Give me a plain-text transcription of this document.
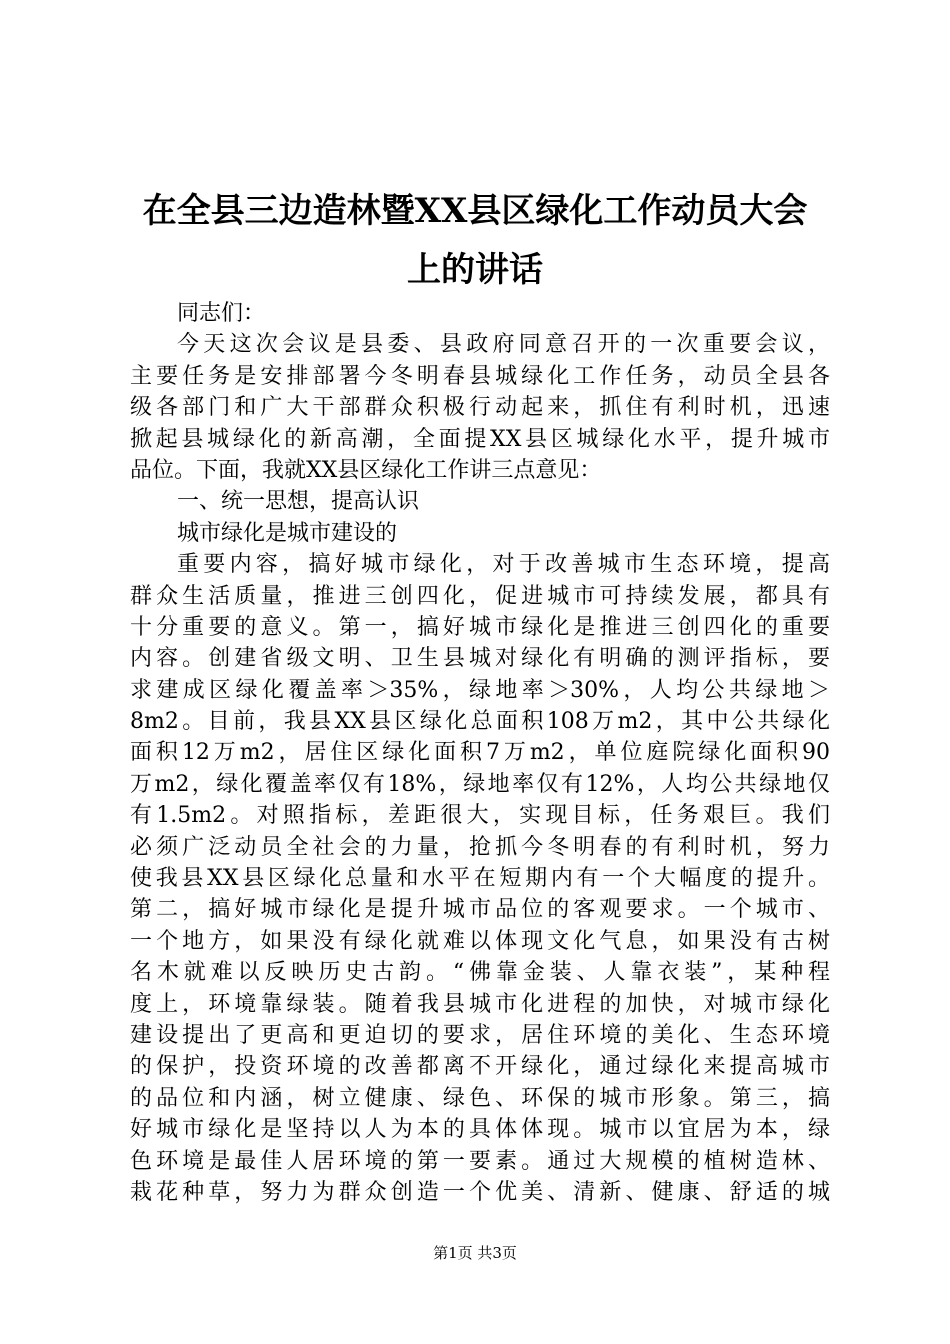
在全县三边造林暨XX县区绿化工作动员大会
上的讲话
同志们：
今天这次会议是县委、县政府同意召开的一次重要会议，
主要任务是安排部署今冬明春县城绿化工作任务，动员全县各
级各部门和广大干部群众积极行动起来，抓住有利时机，迅速
掀起县城绿化的新高潮，全面提XX县区城绿化水平，提升城市
品位。下面，我就XX县区绿化工作讲三点意见：
一、统一思想，提高认识
城市绿化是城市建设的
重要内容，搞好城市绿化，对于改善城市生态环境，提高
群众生活质量，推进三创四化，促进城市可持续发展，都具有
十分重要的意义。第一，搞好城市绿化是推进三创四化的重要
内容。创建省级文明、卫生县城对绿化有明确的测评指标，要
求建成区绿化覆盖率＞35%，绿地率＞30%，人均公共绿地＞
8m2。目前，我县XX县区绿化总面积108万m2，其中公共绿化
面积12万m2，居住区绿化面积7万m2，单位庭院绿化面积90
万m2，绿化覆盖率仅有18%，绿地率仅有12%，人均公共绿地仅
有1.5m2。对照指标，差距很大，实现目标，任务艰巨。我们
必须广泛动员全社会的力量，抢抓今冬明春的有利时机，努力
使我县XX县区绿化总量和水平在短期内有一个大幅度的提升。
第二，搞好城市绿化是提升城市品位的客观要求。一个城市、
一个地方，如果没有绿化就难以体现文化气息，如果没有古树
名木就难以反映历史古韵。“佛靠金装、人靠衣装”，某种程
度上，环境靠绿装。随着我县城市化进程的加快，对城市绿化
建设提出了更高和更迫切的要求，居住环境的美化、生态环境
的保护，投资环境的改善都离不开绿化，通过绿化来提高城市
的品位和内涵，树立健康、绿色、环保的城市形象。第三，搞
好城市绿化是坚持以人为本的具体体现。城市以宜居为本，绿
色环境是最佳人居环境的第一要素。通过大规模的植树造林、
栽花种草，努力为群众创造一个优美、清新、健康、舒适的城
第1页 共3页
